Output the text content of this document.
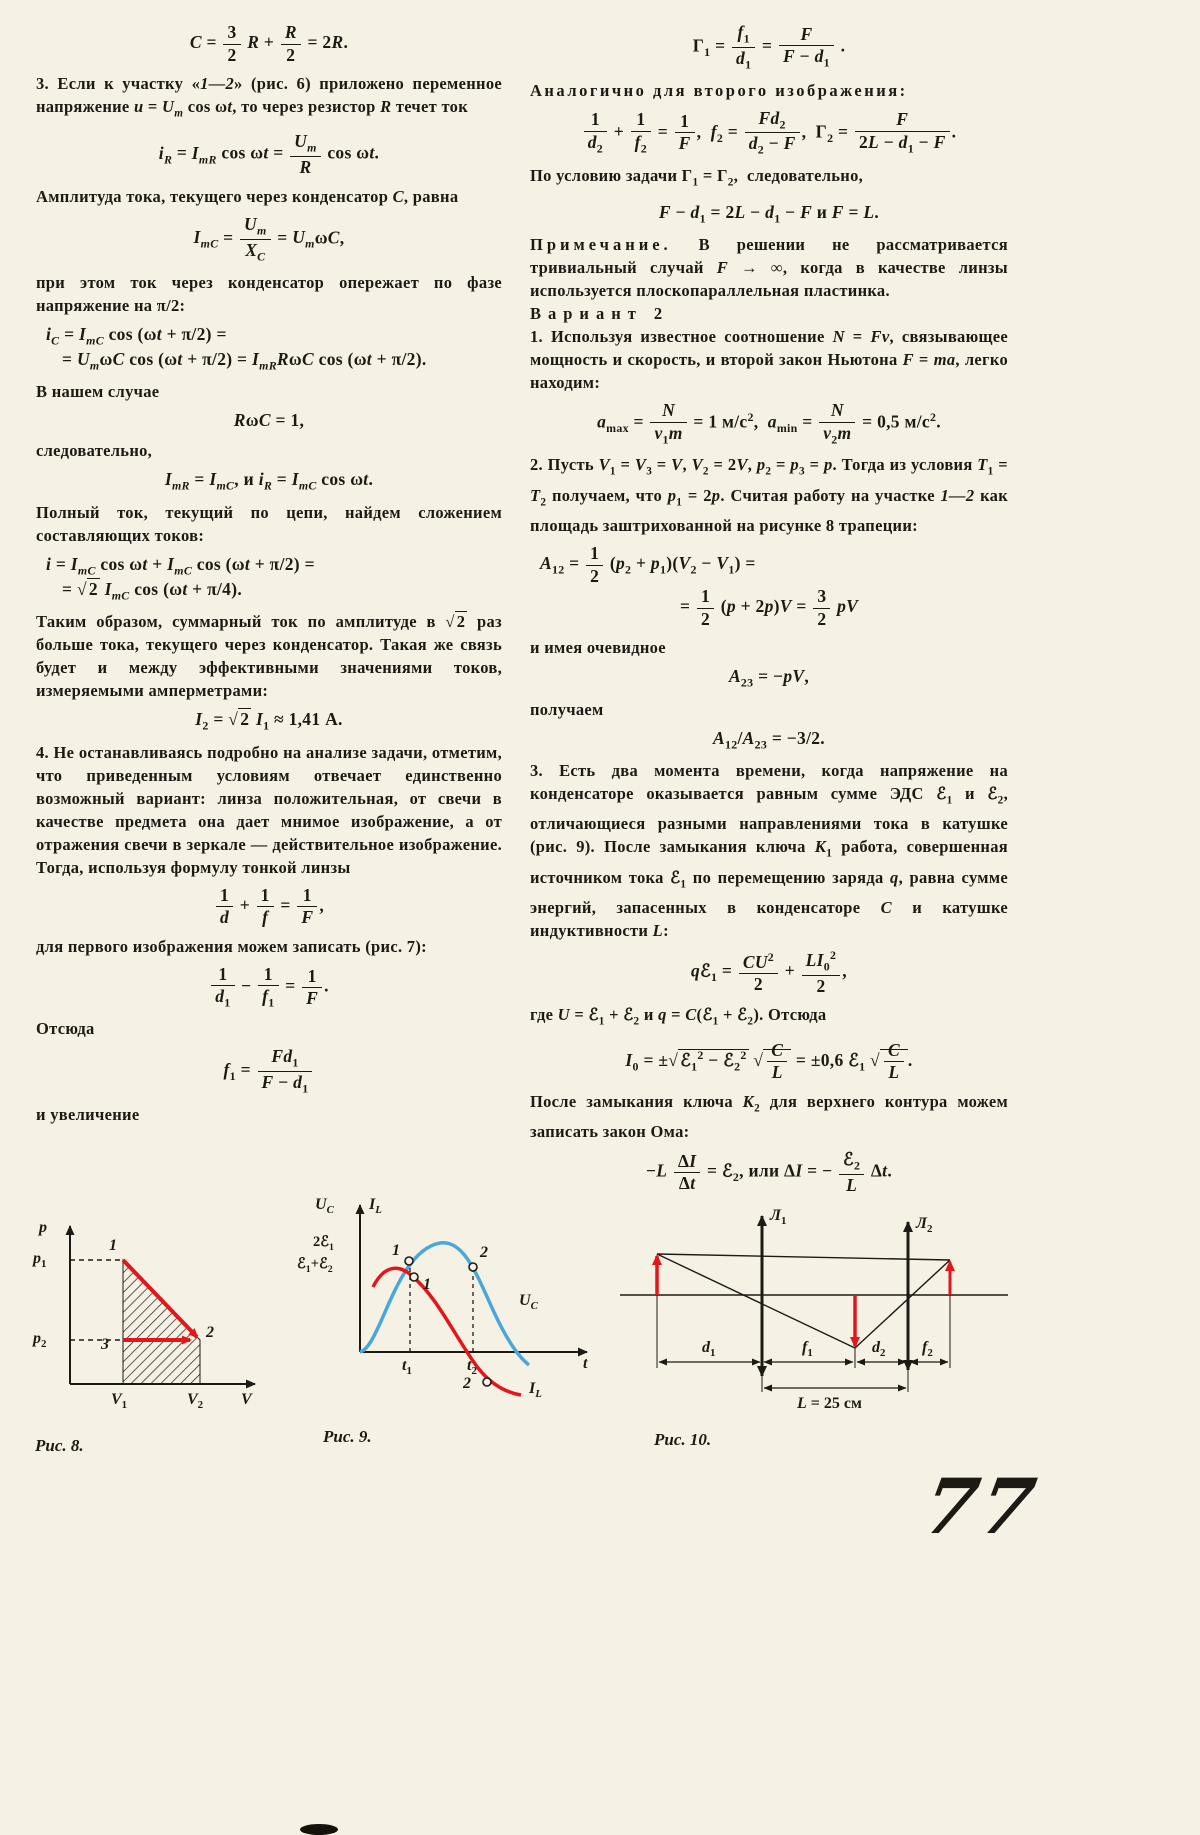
$C = \frac{3}{2}$ $R + \frac{R}{2} = 2R$.

3. Если к участку «1—2» (рис. 6) приложено переменное напряжение $u = U_m$ cos ωt, то через резистор R течет ток

$i_R = I_{mR}$ $\cos \omega t = \frac{U_m}{R}$ cos ωt.

Амплитуда тока, текущего через конденсатор C, равна

$I_{mC} = \frac{U_m}{X_C} = U_m\omega C$,

при этом ток через конденсатор опережает по фазе напряжение на π/2:

$i_C = I_{mC}$ cos (ωt + π/2) =
= $U_m\omega C$ $\cos (\omega t + \pi/2) = I_{mR}R\omega C$ cos (ωt + π/2).

В нашем случае

RωC = 1,

следовательно,

$I_{mR} = I_{mC}$, и $i_R = I_{mC}$ cos ωt.

Полный ток, текущий по цепи, найдем сложением составляющих токов:

$i = I_{mC}$ $\cos \omega t + I_{mC}$ cos (ωt + π/2) =
= √ 2 $I_{mC}$ cos (ωt + π/4).

Таким образом, суммарный ток по амплитуде в √ 2 раз больше тока, текущего через конденсатор. Такая же связь будет и между эффективными значениями токов, измеряемыми амперметрами:

$I_2$ = √ 2 $I_1 \approx 1,41$ А.

4. Не останавливаясь подробно на анализе задачи, отметим, что приведенным условиям отвечает единственно возможный вариант: линза положительная, от свечи в качестве предмета она дает мнимое изображение, а от отражения свечи в зеркале — действительное изображение. Тогда, используя формулу тонкой линзы

$\frac{1}{d} + \frac{1}{f} = \frac{1}{F}$ ,

для первого изображения можем записать (рис. 7):

$\frac{1}{d_1} - \frac{1}{f_1} = \frac{1}{F}$ .

Отсюда

$f_1 = \frac{Fd_1}{F - d_1}$

и увеличение

$\Gamma_1 = \frac{f_1}{d_1} = \frac{F}{F - d_1}$ .

Аналогично для второго изображения:

$\frac{1}{d_2} + \frac{1}{f_2} = \frac{1}{F}$ ,  $f_2 = \frac{Fd_2}{d_2 - F}$ ,  $\Gamma_2 = \frac{F}{2L - d_1 - F}$ .

По условию задачи $\Gamma_1 = \Gamma_2$,  следовательно,

$F - d_1 = 2L - d_1 - F$ и F = L.

Примечание. В решении не рассматривается тривиальный случай F → ∞, когда в качестве линзы используется плоскопараллельная пластинка.

Вариант 2

1. Используя известное соотношение N = Fv, связывающее мощность и скорость, и второй закон Ньютона F = ma, легко находим:

$a_{max} = \frac{N}{v_1m} = 1$ $м/с^2$,  $a_{min} = \frac{N}{v_2m} = 0,5$ $м/с^2$.

2. Пусть $V_1 = V_3 = V$, $V_2 = 2V$, $p_2 = p_3 = p$. Тогда из условия $T_1 = T_2$ получаем, что $p_1 = 2p$. Считая работу на участке 1—2 как площадь заштрихованной на рисунке 8 трапеции:

$A_{12} = \frac{1}{2} (p_2 + p_1)(V_2 - V_1)$ =
= $\frac{1}{2} (p + 2p)V = \frac{3}{2}$ pV

и имея очевидное

$A_{23} = -pV$,

получаем

$A_{12}/A_{23} = -3/2$.

3. Есть два момента времени, когда напряжение на конденсаторе оказывается равным сумме ЭДС ℰ$_1$ и ℰ$_2$, отличающиеся разными направлениями тока в катушке (рис. 9). После замыкания ключа $К_1$ работа, совершенная источником тока ℰ$_1$ по перемещению заряда q, равна сумме энергий, запасенных в конденсаторе C и катушке индуктивности L:

qℰ$_1$ = $\frac{CU^2}{2} + \frac{LI_0^2}{2}$ ,

где U = ℰ$_1$ + ℰ$_2$ и q = C(ℰ$_1$ + ℰ$_2$). Отсюда

$I_0$ = ±√ ℰ$_1^2$ − ℰ$_2^2$ √ $\frac{C}{L} = \pm 0,6$ ℰ$_1$ √ $\frac{C}{L}$ .

После замыкания ключа $К_2$ для верхнего контура можем записать закон Ома:

$-L \frac{\Delta I}{\Delta t}$ = ℰ$_2$, или ΔI = −
ℰ$_2$
L
Δt.
p
$p_1$
$p_2$
1
2
3
$V_1$	$V_2$ V
Рис. 8.
$U_C$ $I_L$
2ℰ$_1$
ℰ$_1$+ℰ$_2$
1
1
2
2
$t_1$	$t_2$	t
$U_C$
$I_L$
Рис. 9.
$Л_1$	$Л_2$
$d_1$	$f_1$	$d_2$ $f_2$
L = 25 см
Рис. 10.
77
